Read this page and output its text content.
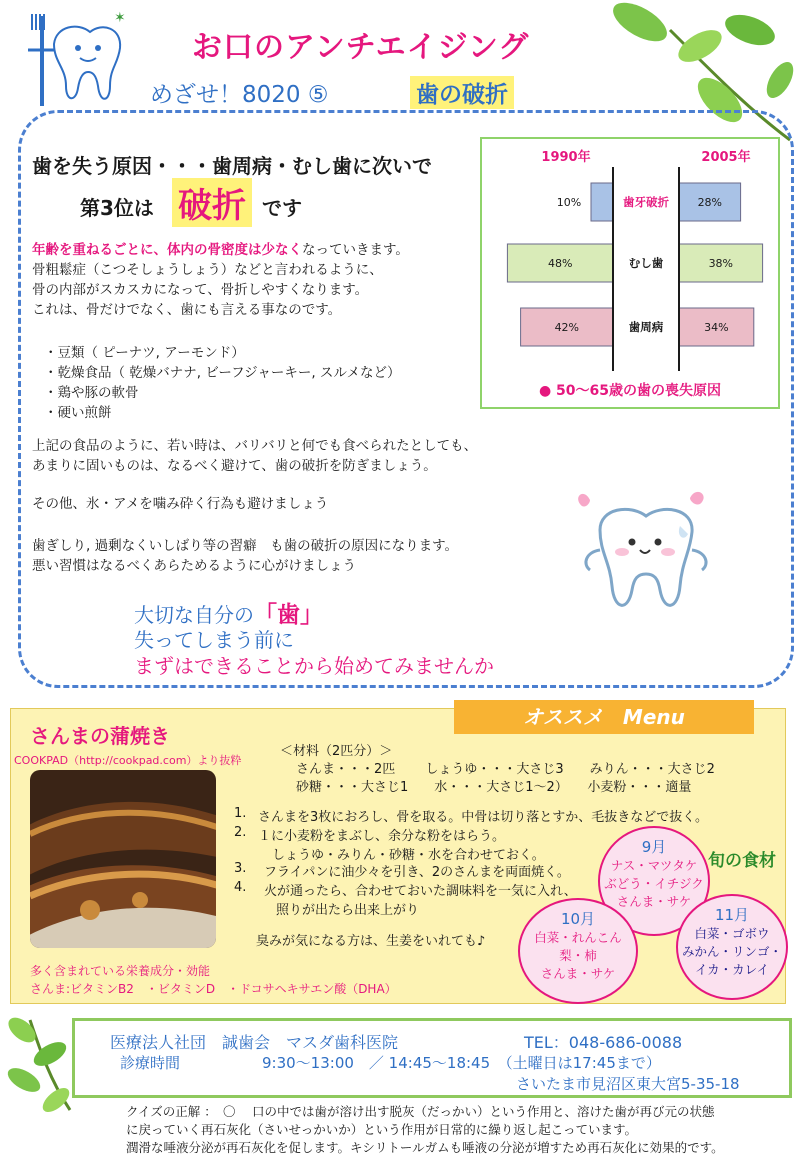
✶
お口のアンチエイジング
めざせ！8020 ⑤	歯の破折
歯を失う原因・・・歯周病・むし歯に次いで
第3位は 破折 です
年齢を重ねるごとに、体内の骨密度は少なくなっていきます。
骨粗鬆症（こつそしょうしょう）などと言われるように、
骨の内部がスカスカになって、骨折しやすくなります。
これは、骨だけでなく、歯にも言える事なのです。
・豆類（ ピーナツ, アーモンド）
・乾燥食品（ 乾燥バナナ, ビーフジャーキー, スルメなど）
・鶏や豚の軟骨
・硬い煎餅
上記の食品のように、若い時は、バリバリと何でも食べられたとしても、
あまりに固いものは、なるべく避けて、歯の破折を防ぎましょう。
その他、氷・アメを噛み砕く行為も避けましょう
歯ぎしり, 過剰なくいしばり等の習癖　も歯の破折の原因になります。
悪い習慣はなるべくあらためるように心がけましょう
1990年	2005年
歯牙破折
10%	28%
むし歯
48%	38%
歯周病
42%	34%
● 50～65歳の歯の喪失原因
大切な自分の「歯」
失ってしまう前に
まずはできることから始めてみませんか
オススメ　Menu
さんまの蒲焼き
COOKPAD（http://cookpad.com）より抜粋
＜材料（2匹分）＞
さんま・・・2匹　　 しょうゆ・・・大さじ3　　みりん・・・大さじ2
砂糖・・・大さじ1　　水・・・大さじ1～2）　　小麦粉・・・適量
1. さんまを3枚におろし、骨を取る。中骨は切り落とすか、毛抜きなどで抜く。
2. １に小麦粉をまぶし、余分な粉をはらう。
しょうゆ・みりん・砂糖・水を合わせておく。
3. フライパンに油少々を引き、2のさんまを両面焼く。
4. 火が通ったら、合わせておいた調味料を一気に入れ、
照りが出たら出来上がり
臭みが気になる方は、生姜をいれても♪
多く含まれている栄養成分・効能
さんま:ビタミンB2　・ビタミンD　・ドコサヘキサエン酸（DHA）
旬の食材
9月
ナス・マツタケ
ぶどう・イチジク
さんま・サケ
10月
白菜・れんこん
梨・柿
さんま・サケ
11月
白菜・ゴボウ
みかん・リンゴ・
イカ・カレイ
医療法人社団　誠歯会　マスダ歯科医院	TEL：048-686-0088
診療時間	9:30～13:00　／ 14:45～18:45　（土曜日は17:45まで）
さいたま市見沼区東大宮5-35-18
クイズの正解 ：　〇　 口の中では歯が溶け出す脱灰（だっかい）という作用と、溶けた歯が再び元の状態
に戻っていく再石灰化（さいせっかいか）という作用が日常的に繰り返し起こっています。
潤滑な唾液分泌が再石灰化を促します。キシリトールガムも唾液の分泌が増すため再石灰化に効果的です。
